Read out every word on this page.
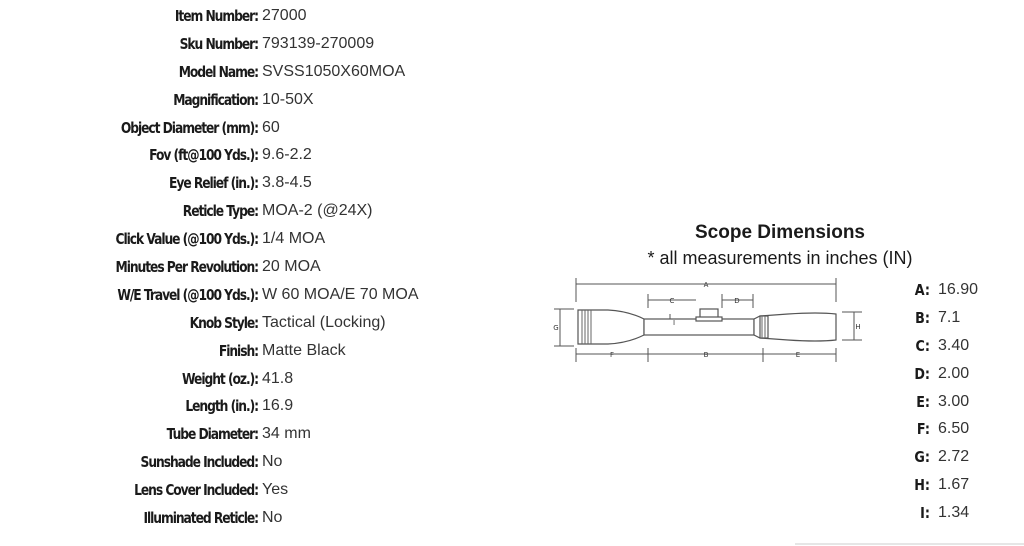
Item Number: 27000
Sku Number: 793139-270009
Model Name: SVSS1050X60MOA
Magnification: 10-50X
Object Diameter (mm): 60
Fov (ft@100 Yds.): 9.6-2.2
Eye Relief (in.): 3.8-4.5
Reticle Type: MOA-2 (@24X)
Click Value (@100 Yds.): 1/4 MOA
Minutes Per Revolution: 20 MOA
W/E Travel (@100 Yds.): W 60 MOA/E 70 MOA
Knob Style: Tactical (Locking)
Finish: Matte Black
Weight (oz.): 41.8
Length (in.): 16.9
Tube Diameter: 34 mm
Sunshade Included: No
Lens Cover Included: Yes
Illuminated Reticle: No
Scope Dimensions
* all measurements in inches (IN)
A
B
C	D
E
F
G	H
I
A: 16.90
B: 7.1
C: 3.40
D: 2.00
E: 3.00
F: 6.50
G: 2.72
H: 1.67
I: 1.34
